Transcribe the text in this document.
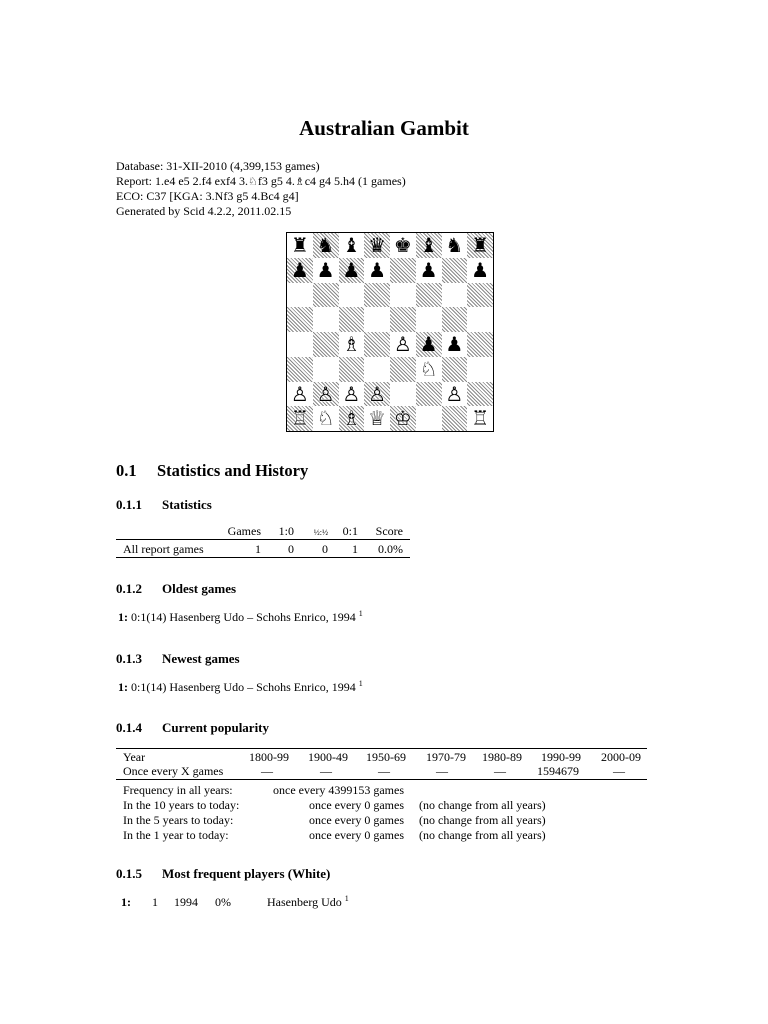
Australian Gambit
Database: 31-XII-2010 (4,399,153 games)
Report: 1.e4 e5 2.f4 exf4 3.♘f3 g5 4.♗c4 g4 5.h4 (1 games)
ECO: C37 [KGA: 3.Nf3 g5 4.Bc4 g4]
Generated by Scid 4.2.2, 2011.02.15
♜ ♞ ♝ ♛ ♚ ♝ ♞ ♜
♟ ♟ ♟ ♟ ♟ ♟
♗ ♙ ♟ ♟
♘
♙ ♙ ♙ ♙	♙
♖ ♘ ♗ ♕ ♔	♖
0.1 Statistics and History
0.1.1 Statistics
Games	1:0	½:½	0:1	Score
All report games	1	0	0	1	0.0%
0.1.2 Oldest games
1: 0:1(14) Hasenberg Udo – Schohs Enrico, 1994 $^1$
0.1.3 Newest games
1: 0:1(14) Hasenberg Udo – Schohs Enrico, 1994 $^1$
0.1.4 Current popularity
Year	1800-99	1900-49	1950-69	1970-79	1980-89	1990-99	2000-09
Once every X games	—	—	—	—	—	1594679	—
Frequency in all years:	once every 4399153 games
In the 10 years to today:	once every 0 games (no change from all years)
In the 5 years to today:	once every 0 games (no change from all years)
In the 1 year to today:	once every 0 games (no change from all years)
0.1.5 Most frequent players (White)
1: 1 1994 0%	Hasenberg Udo $^1$
